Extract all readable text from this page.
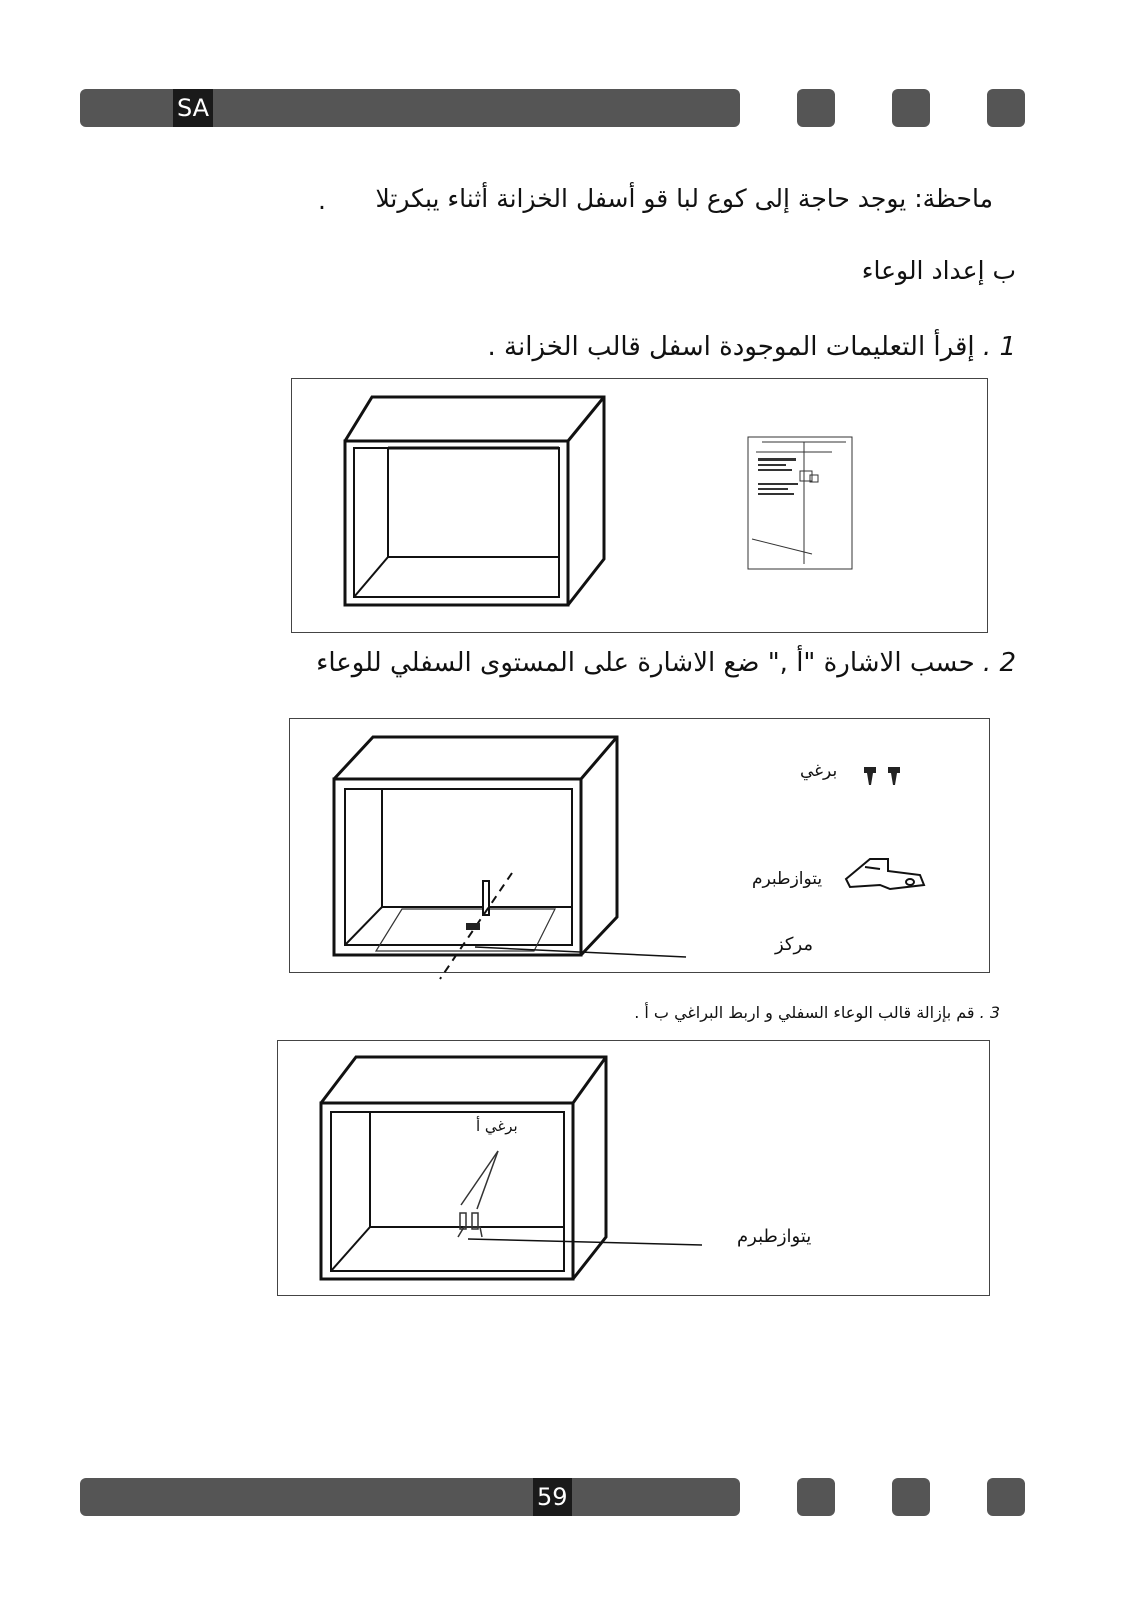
SA
ماحظة: يوجد حاجة إلى كوع لبا قو أسفل الخزانة أثناء يبكرتلا
.
ب إعداد الوعاء
1 . إقرأ التعليمات الموجودة اسفل قالب الخزانة .
2 . حسب الاشارة "أ ," ضع الاشارة على المستوى السفلي للوعاء
برغي
يتوازطبرم
مركز
3 . قم بإزالة قالب الوعاء السفلي و اربط البراغي ب أ .
برغي أ
يتوازطبرم
59
